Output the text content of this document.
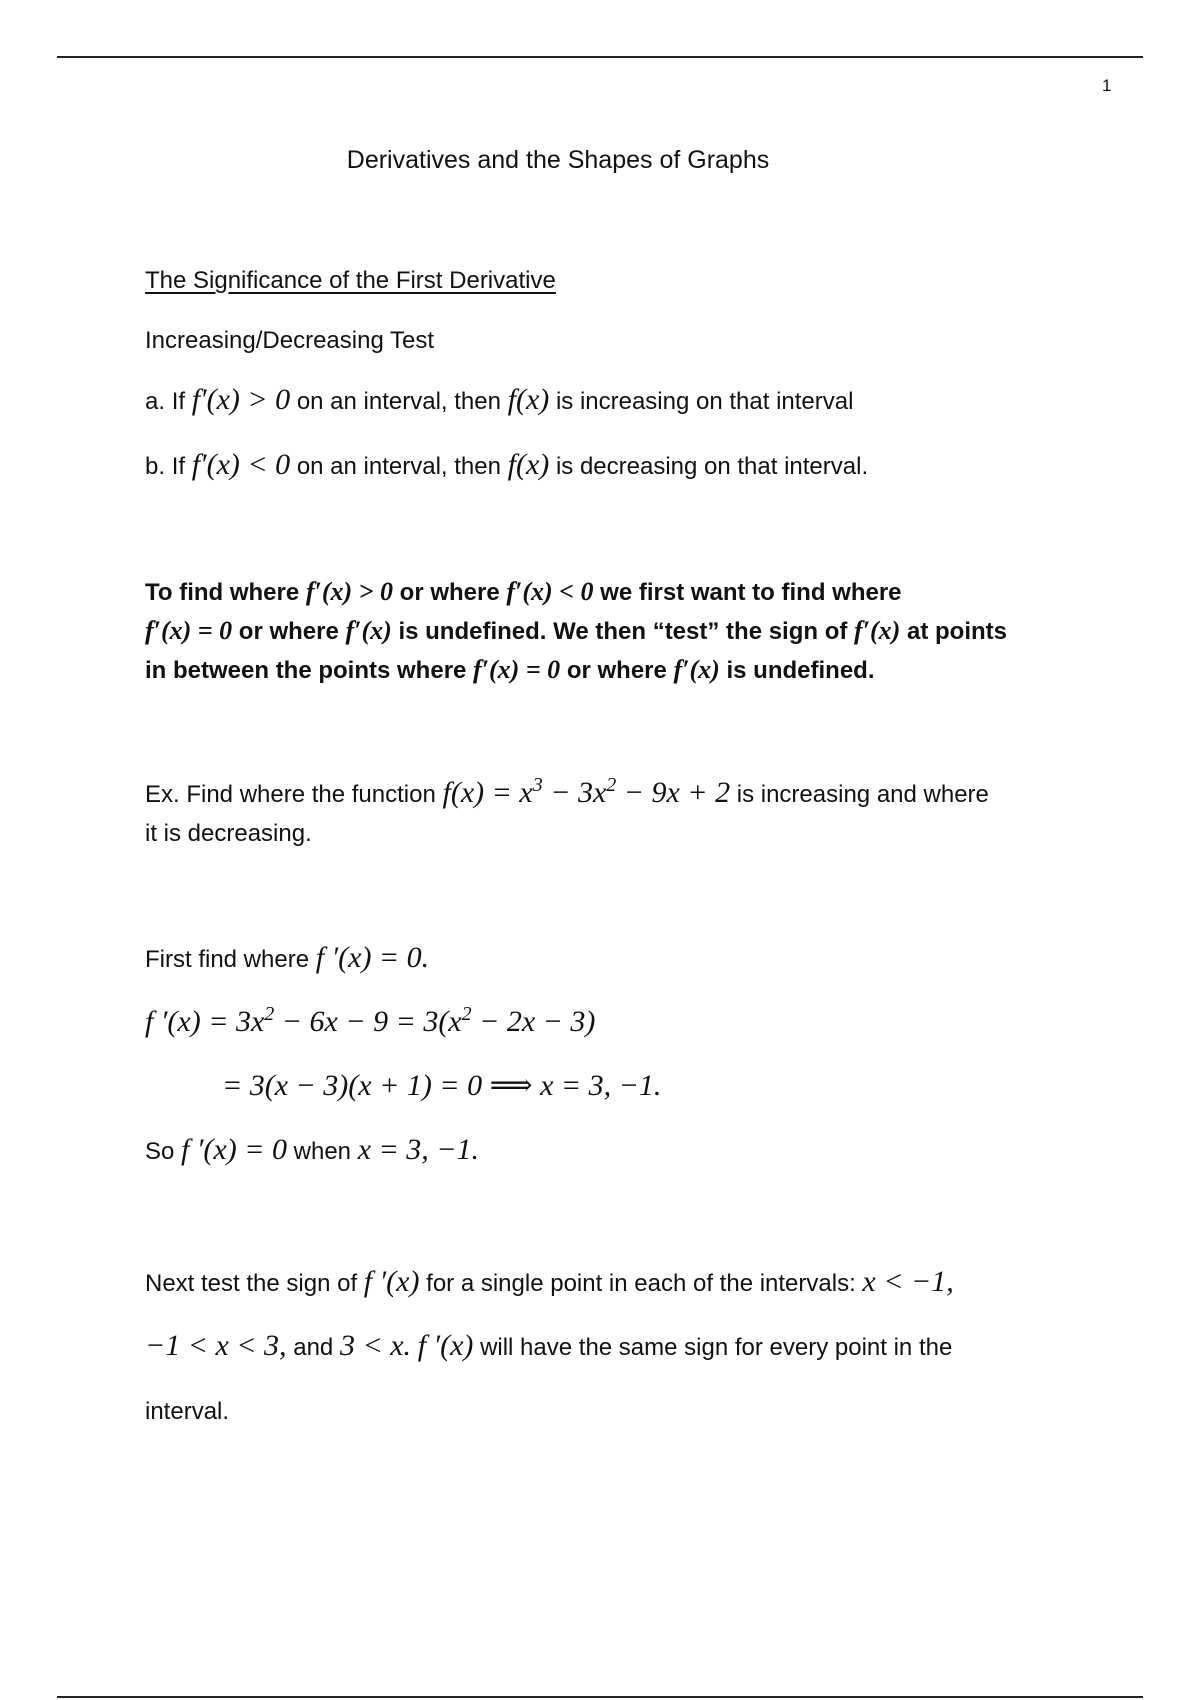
1
Derivatives and the Shapes of Graphs
The Significance of the First Derivative
Increasing/Decreasing Test
a. If f′(x) > 0 on an interval, then f(x) is increasing on that interval
b. If f′(x) < 0 on an interval, then f(x) is decreasing on that interval.
To find where f′(x) > 0 or where f′(x) < 0 we first want to find where
f′(x) = 0 or where f′(x) is undefined. We then “test” the sign of f′(x) at points
in between the points where f′(x) = 0 or where f′(x) is undefined.
Ex. Find where the function $f(x) = x^3 - 3x^2 - 9x + 2$ is increasing and where
it is decreasing.
First find where f ′(x) = 0.
f $'(x) = 3x^2 - 6x - 9 = 3(x^2 - 2x - 3)$
= 3(x − 3)(x + 1) = 0 ⟹ x = 3, −1.
So f ′(x) = 0 when x = 3, −1.
Next test the sign of f ′(x) for a single point in each of the intervals: x < −1,
−1 < x < 3, and 3 < x. f ′(x) will have the same sign for every point in the
interval.
